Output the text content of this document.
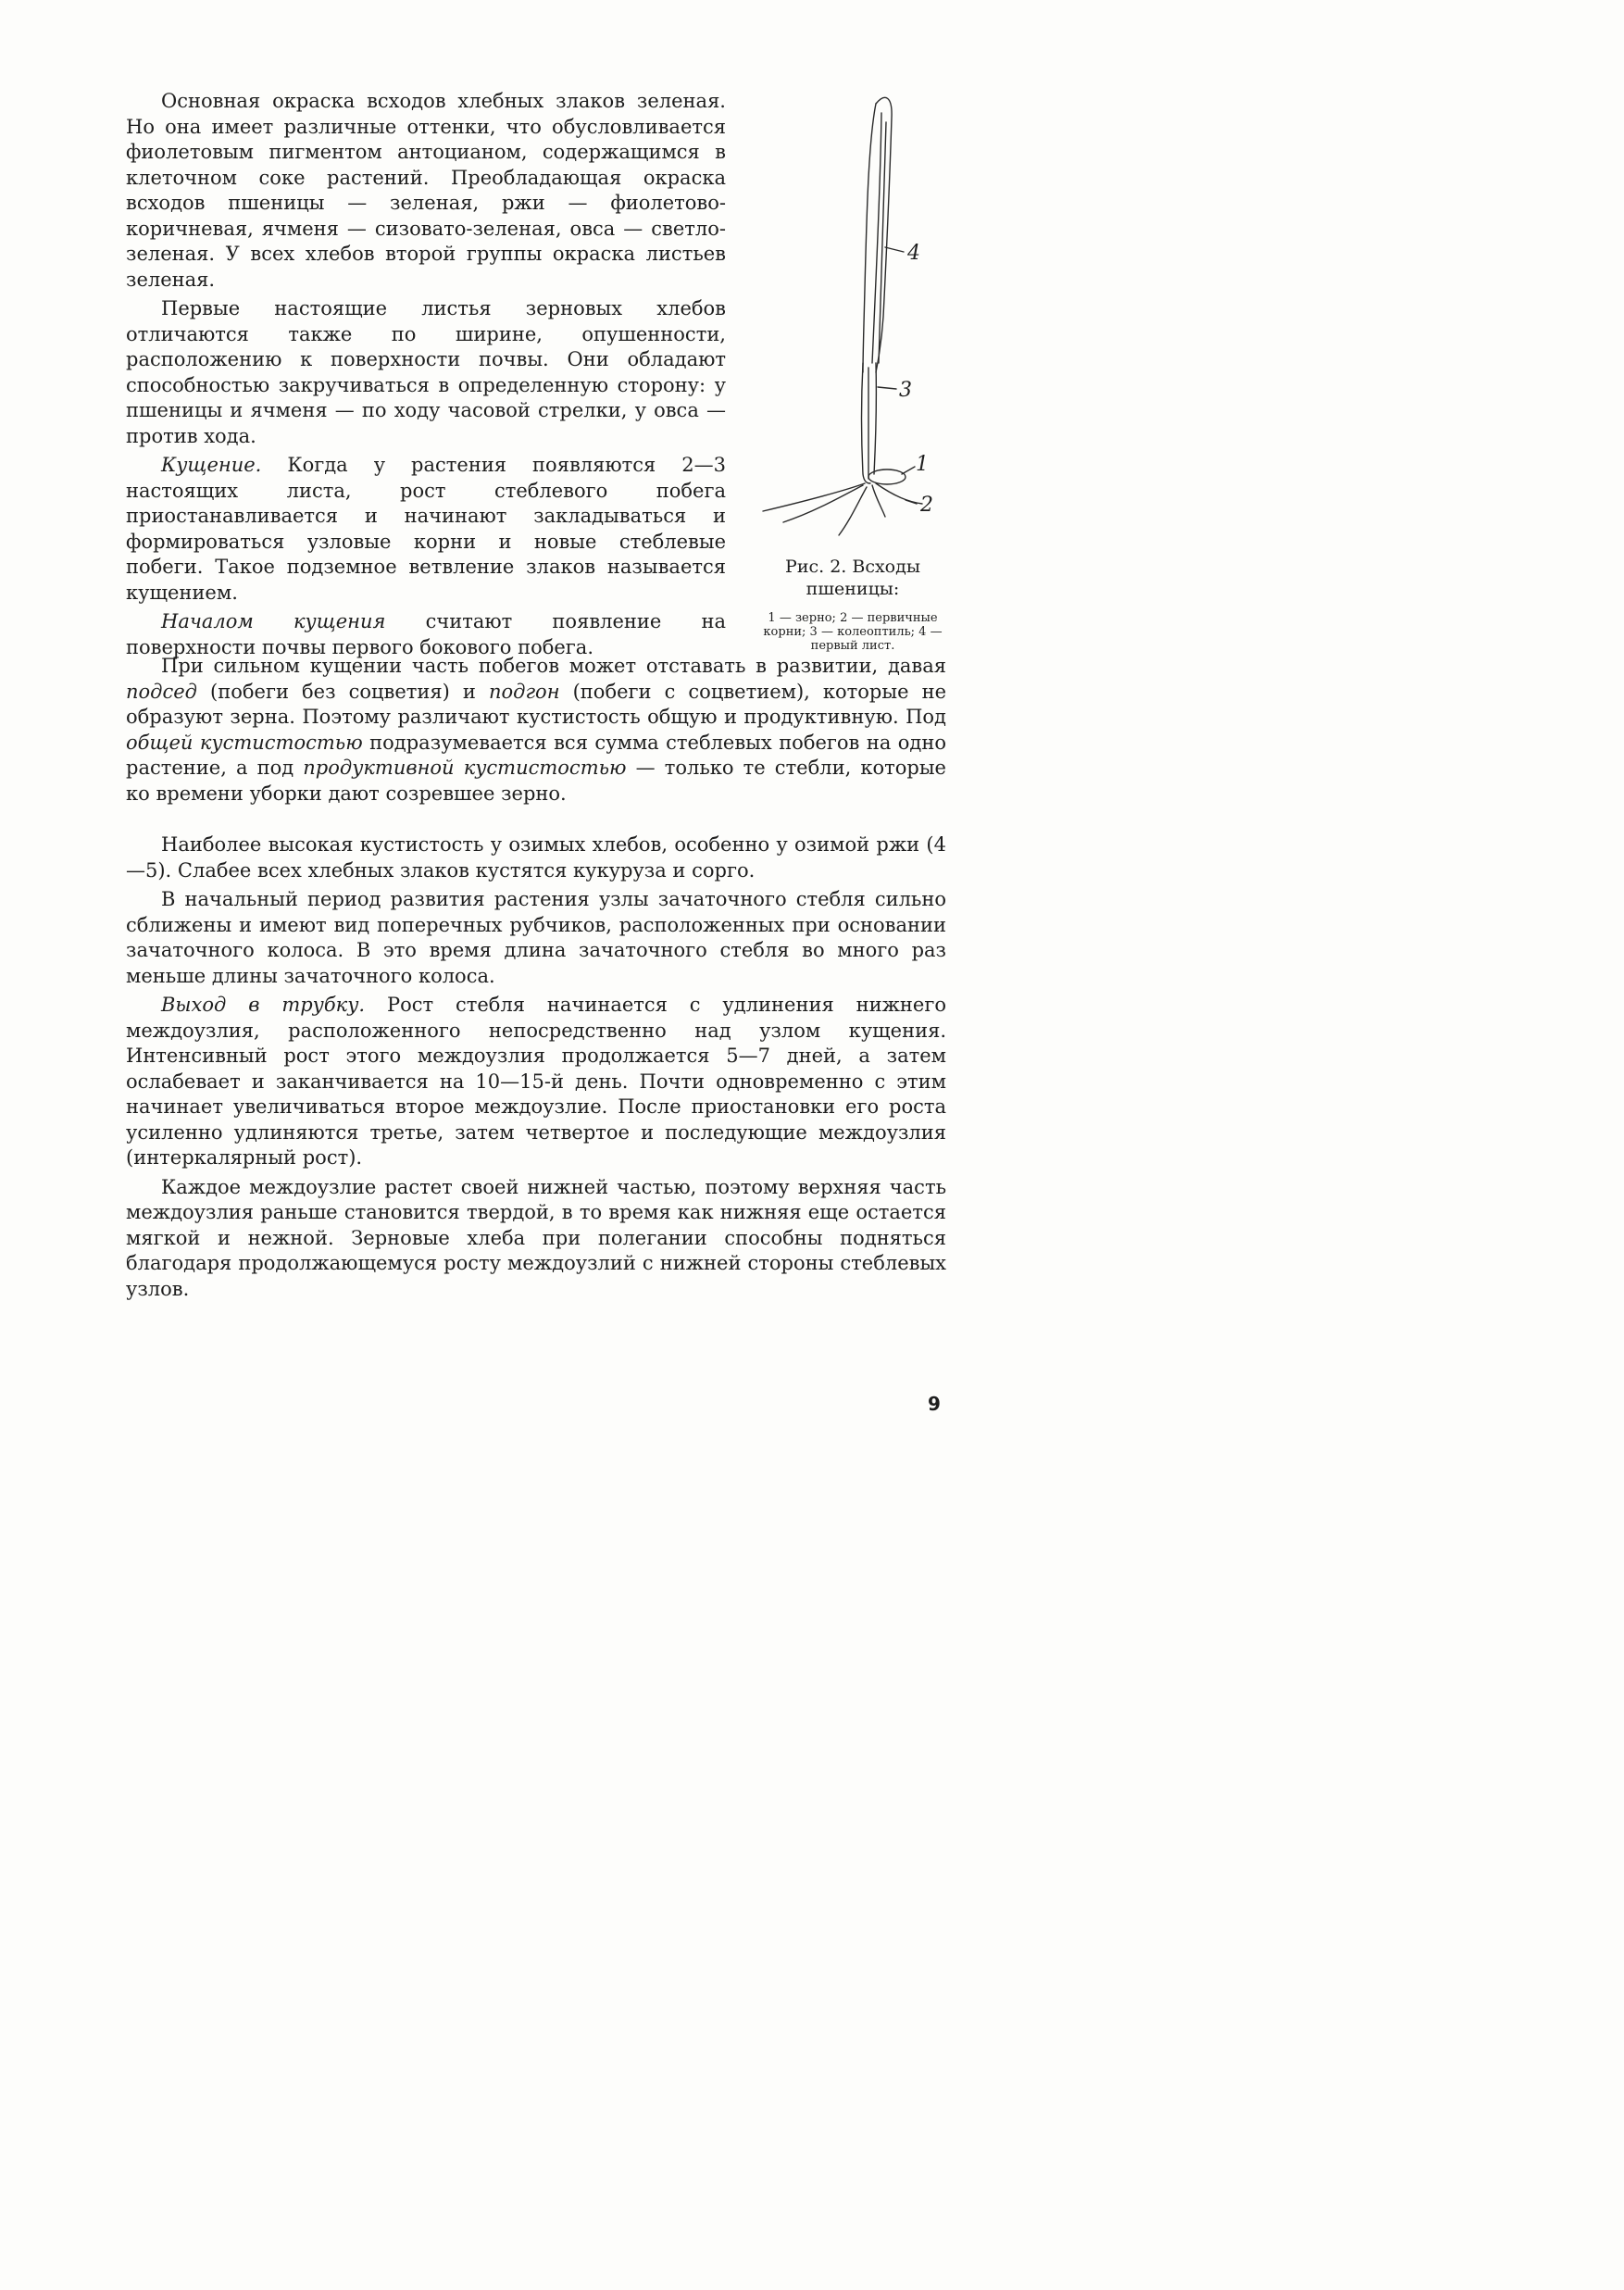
Основная окраска всходов хлебных злаков зеленая. Но она имеет различные оттенки, что обусловливается фиолетовым пигментом антоцианом, содержащимся в клеточном соке растений. Преобладающая окраска всходов пшеницы — зеленая, ржи — фиолетово-коричневая, ячменя — сизовато-зеленая, овса — светло-зеленая. У всех хлебов второй группы окраска листьев зеленая.

Первые настоящие листья зерновых хлебов отличаются также по ширине, опушенности, расположению к поверхности почвы. Они обладают способностью закручиваться в определенную сторону: у пшеницы и ячменя — по ходу часовой стрелки, у овса — против хода.

Кущение. Когда у растения появляются 2—3 настоящих листа, рост стеблевого побега приостанавливается и начинают закладываться и формироваться узловые корни и новые стеблевые побеги. Такое подземное ветвление злаков называется кущением.

Началом кущения считают появление на поверхности почвы первого бокового побега.

При сильном кущении часть побегов может отставать в развитии, давая подсед (побеги без соцветия) и подгон (побеги с соцветием), которые не образуют зерна. Поэтому различают кустистость общую и продуктивную. Под общей кустистостью подразумевается вся сумма стеблевых побегов на одно растение, а под продуктивной кустистостью — только те стебли, которые ко времени уборки дают созревшее зерно.

Наиболее высокая кустистость у озимых хлебов, особенно у озимой ржи (4—5). Слабее всех хлебных злаков кустятся кукуруза и сорго.

В начальный период развития растения узлы зачаточного стебля сильно сближены и имеют вид поперечных рубчиков, расположенных при основании зачаточного колоса. В это время длина зачаточного стебля во много раз меньше длины зачаточного колоса.

Выход в трубку. Рост стебля начинается с удлинения нижнего междоузлия, расположенного непосредственно над узлом кущения. Интенсивный рост этого междоузлия продолжается 5—7 дней, а затем ослабевает и заканчивается на 10—15-й день. Почти одновременно с этим начинает увеличиваться второе междоузлие. После приостановки его роста усиленно удлиняются третье, затем четвертое и последующие междоузлия (интеркалярный рост).

Каждое междоузлие растет своей нижней частью, поэтому верхняя часть междоузлия раньше становится твердой, в то время как нижняя еще остается мягкой и нежной. Зерновые хлеба при полегании способны подняться благодаря продолжающемуся росту междоузлий с нижней стороны стеблевых узлов.

4
3
1
2
Рис. 2. Всходы пшеницы:
1 — зерно; 2 — первичные корни; 3 — колеоптиль; 4 — первый лист.
9
